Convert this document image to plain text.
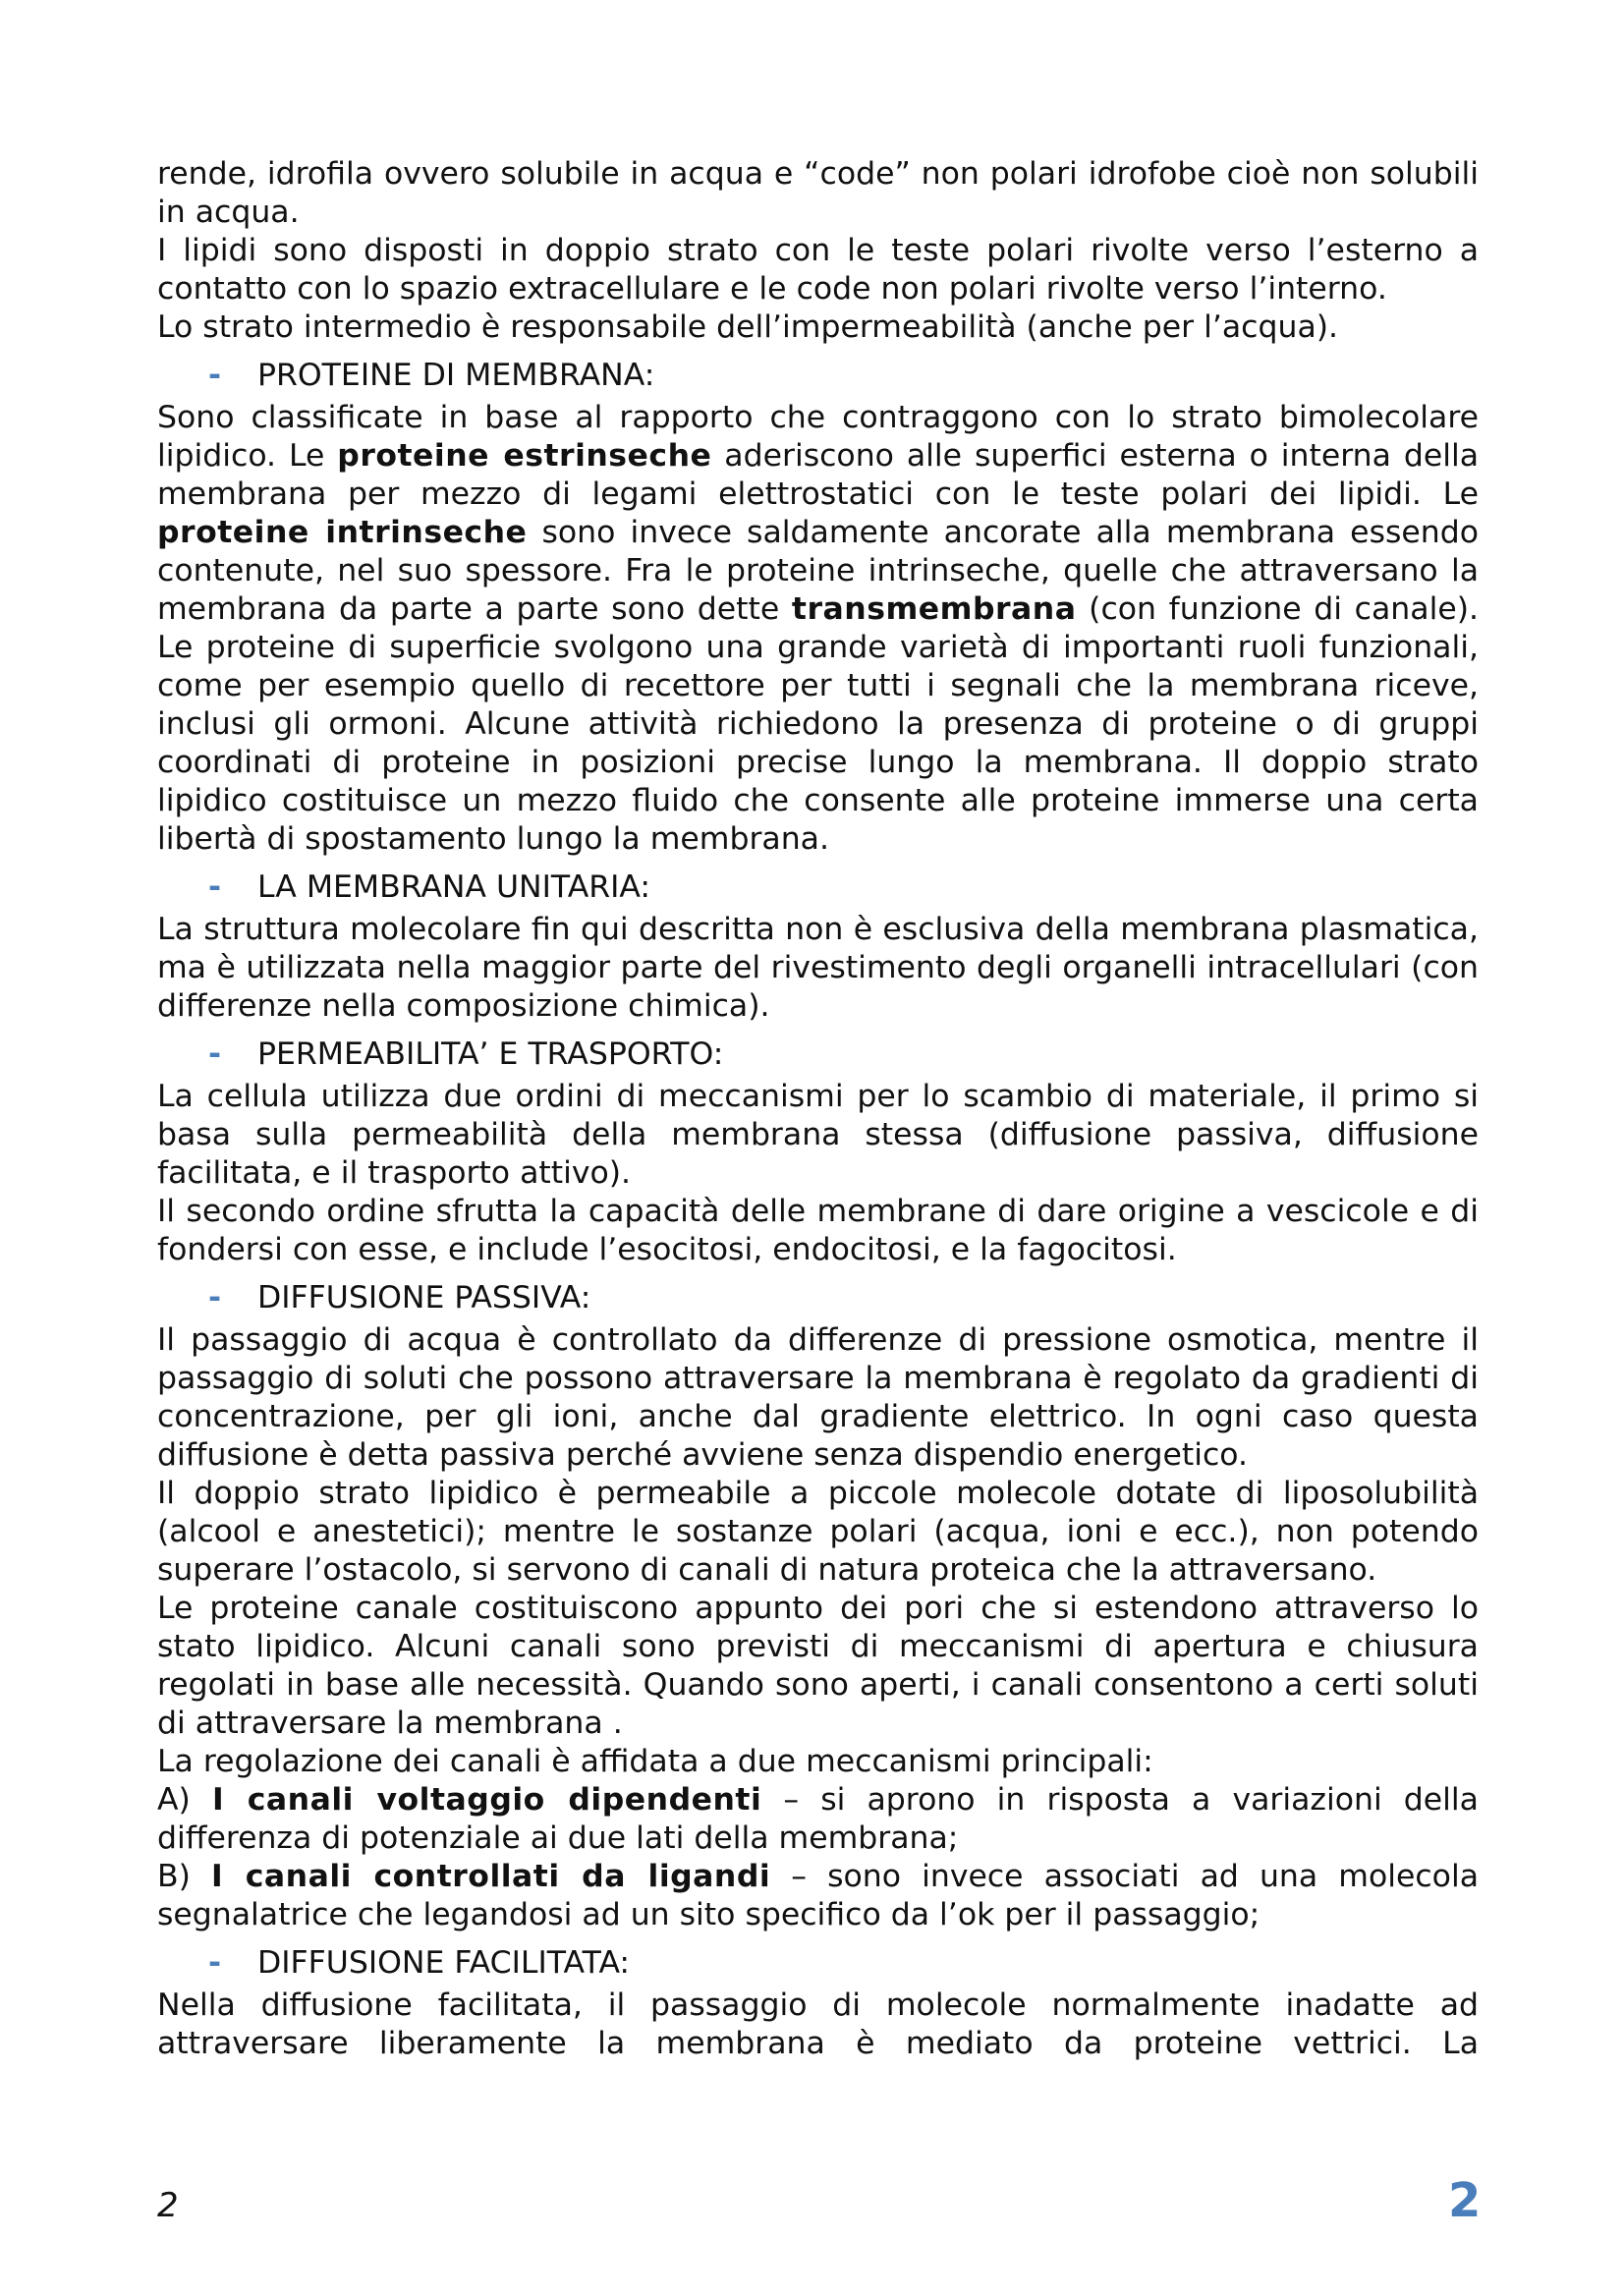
rende, idrofila ovvero solubile in acqua e “code” non polari idrofobe cioè non solubili in acqua.

I lipidi sono disposti in doppio strato con le teste polari rivolte verso l’esterno a contatto con lo spazio extracellulare e le code non polari rivolte verso l’interno.

Lo strato intermedio è responsabile dell’impermeabilità (anche per l’acqua).

-	PROTEINE DI MEMBRANA:

Sono classificate in base al rapporto che contraggono con lo strato bimolecolare lipidico. Le proteine estrinseche aderiscono alle superfici esterna o interna della membrana per mezzo di legami elettrostatici con le teste polari dei lipidi. Le proteine intrinseche sono invece saldamente ancorate alla membrana essendo contenute, nel suo spessore. Fra le proteine intrinseche, quelle che attraversano la membrana da parte a parte sono dette transmembrana (con funzione di canale). Le proteine di superficie svolgono una grande varietà di importanti ruoli funzionali, come per esempio quello di recettore per tutti i segnali che la membrana riceve, inclusi gli ormoni. Alcune attività richiedono la presenza di proteine o di gruppi coordinati di proteine in posizioni precise lungo la membrana. Il doppio strato lipidico costituisce un mezzo fluido che consente alle proteine immerse una certa libertà di spostamento lungo la membrana.

-	LA MEMBRANA UNITARIA:

La struttura molecolare fin qui descritta non è esclusiva della membrana plasmatica, ma è utilizzata nella maggior parte del rivestimento degli organelli intracellulari (con differenze nella composizione chimica).

-	PERMEABILITA’ E TRASPORTO:

La cellula utilizza due ordini di meccanismi per lo scambio di materiale, il primo si basa sulla permeabilità della membrana stessa (diffusione passiva, diffusione facilitata, e il trasporto attivo).

Il secondo ordine sfrutta la capacità delle membrane di dare origine a vescicole e di fondersi con esse, e include l’esocitosi, endocitosi, e la fagocitosi.

-	DIFFUSIONE PASSIVA:

Il passaggio di acqua è controllato da differenze di pressione osmotica, mentre il passaggio di soluti che possono attraversare la membrana è regolato da gradienti di concentrazione, per gli ioni, anche dal gradiente elettrico. In ogni caso questa diffusione è detta passiva perché avviene senza dispendio energetico.

Il doppio strato lipidico è permeabile a piccole molecole dotate di liposolubilità (alcool e anestetici); mentre le sostanze polari (acqua, ioni e ecc.), non potendo superare l’ostacolo, si servono di canali di natura proteica che la attraversano.

Le proteine canale costituiscono appunto dei pori che si estendono attraverso lo stato lipidico. Alcuni canali sono previsti di meccanismi di apertura e chiusura regolati in base alle necessità. Quando sono aperti, i canali consentono a certi soluti di attraversare la membrana .

La regolazione dei canali è affidata a due meccanismi principali:

A) I canali voltaggio dipendenti – si aprono in risposta a variazioni della differenza di potenziale ai due lati della membrana;

B) I canali controllati da ligandi – sono invece associati ad una molecola segnalatrice che legandosi ad un sito specifico da l’ok per il passaggio;

-	DIFFUSIONE FACILITATA:

Nella diffusione facilitata, il passaggio di molecole normalmente inadatte ad attraversare liberamente la membrana è mediato da proteine vettrici. La

2	2
